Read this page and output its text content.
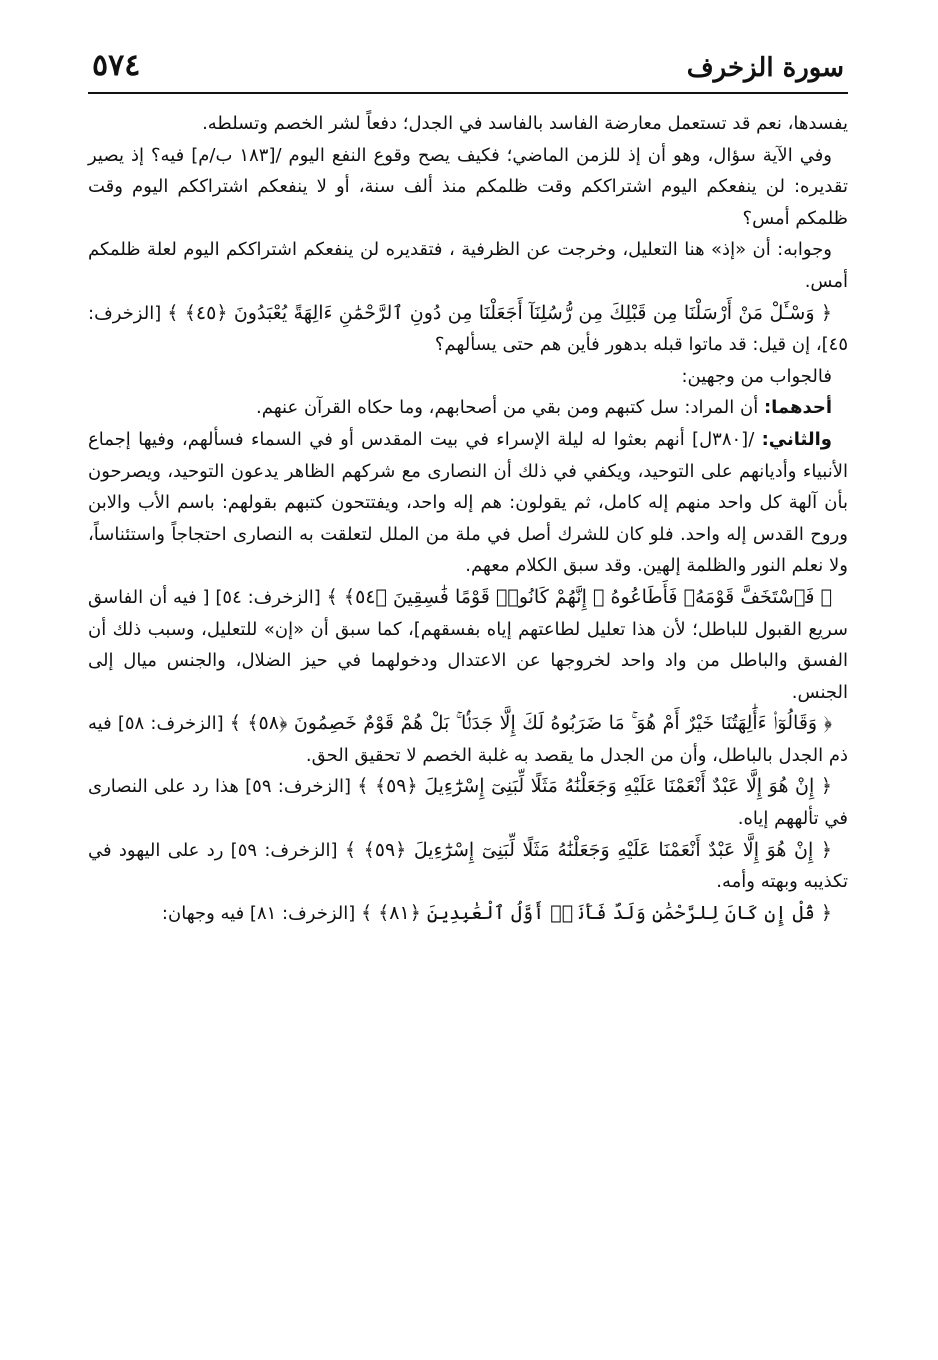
٥٧٤	سورة الزخرف

يفسدها، نعم قد تستعمل معارضة الفاسد بالفاسد في الجدل؛ دفعاً لشر الخصم وتسلطه.

وفي الآية سؤال، وهو أن إذ للزمن الماضي؛ فكيف يصح وقوع النفع اليوم /[١٨٣ ب/م] فيه؟ إذ يصير تقديره: لن ينفعكم اليوم اشتراككم وقت ظلمكم منذ ألف سنة، أو لا ينفعكم اشتراككم اليوم وقت ظلمكم أمس؟

وجوابه: أن «إذ» هنا التعليل، وخرجت عن الظرفية ، فتقديره لن ينفعكم اشتراككم اليوم لعلة ظلمكم أمس.

﴿ وَسْـَٔلْ مَنْ أَرْسَلْنَا مِن قَبْلِكَ مِن رُّسُلِنَآ أَجَعَلْنَا مِن دُونِ ٱلرَّحْمَٰنِ ءَالِهَةً يُعْبَدُونَ ﴿٤٥﴾ ﴾ [الزخرف: ٤٥]، إن قيل: قد ماتوا قبله بدهور فأين هم حتى يسألهم؟

فالجواب من وجهين:

أحدهما: أن المراد: سل كتبهم ومن بقي من أصحابهم، وما حكاه القرآن عنهم.

والثاني: /[٣٨٠ل] أنهم بعثوا له ليلة الإسراء في بيت المقدس أو في السماء فسألهم، وفيها إجماع الأنبياء وأديانهم على التوحيد، ويكفي في ذلك أن النصارى مع شركهم الظاهر يدعون التوحيد، ويصرحون بأن آلهة كل واحد منهم إله كامل، ثم يقولون: هم إله واحد، ويفتتحون كتبهم بقولهم: باسم الأب والابن وروح القدس إله واحد. فلو كان للشرك أصل في ملة من الملل لتعلقت به النصارى احتجاجاً واستئناساً، ولا نعلم النور والظلمة إلهين. وقد سبق الكلام معهم.

﴿ فَٱسْتَخَفَّ قَوْمَهُۥ فَأَطَاعُوهُ ۚ إِنَّهُمْ كَانُوا۟ قَوْمًا فَٰسِقِينَ ﴿٥٤﴾ ﴾ [الزخرف: ٥٤] [ فيه أن الفاسق سريع القبول للباطل؛ لأن هذا تعليل لطاعتهم إياه بفسقهم]، كما سبق أن «إن» للتعليل، وسبب ذلك أن الفسق والباطل من واد واحد لخروجها عن الاعتدال ودخولهما في حيز الضلال، والجنس ميال إلى الجنس.

﴿ وَقَالُوٓا۟ ءَأَٰلِهَتُنَا خَيْرٌ أَمْ هُوَ ۚ مَا ضَرَبُوهُ لَكَ إِلَّا جَدَلًۢا ۚ بَلْ هُمْ قَوْمٌ خَصِمُونَ ﴿٥٨﴾ ﴾ [الزخرف: ٥٨] فيه ذم الجدل بالباطل، وأن من الجدل ما يقصد به غلبة الخصم لا تحقيق الحق.

﴿ إِنْ هُوَ إِلَّا عَبْدٌ أَنْعَمْنَا عَلَيْهِ وَجَعَلْنَٰهُ مَثَلًا لِّبَنِىٓ إِسْرَٰٓءِيلَ ﴿٥٩﴾ ﴾ [الزخرف: ٥٩] هذا رد على النصارى في تألههم إياه.

﴿ إِنْ هُوَ إِلَّا عَبْدٌ أَنْعَمْنَا عَلَيْهِ وَجَعَلْنَٰهُ مَثَلًا لِّبَنِىٓ إِسْرَٰٓءِيلَ ﴿٥٩﴾ ﴾ [الزخرف: ٥٩] رد على اليهود في تكذيبه وبهته وأمه.

﴿ قُلْ إِن كَانَ لِلرَّحْمَٰنِ وَلَدٌ فَأَنَا۠ أَوَّلُ ٱلْعَٰبِدِينَ ﴿٨١﴾ ﴾ [الزخرف: ٨١] فيه وجهان:
